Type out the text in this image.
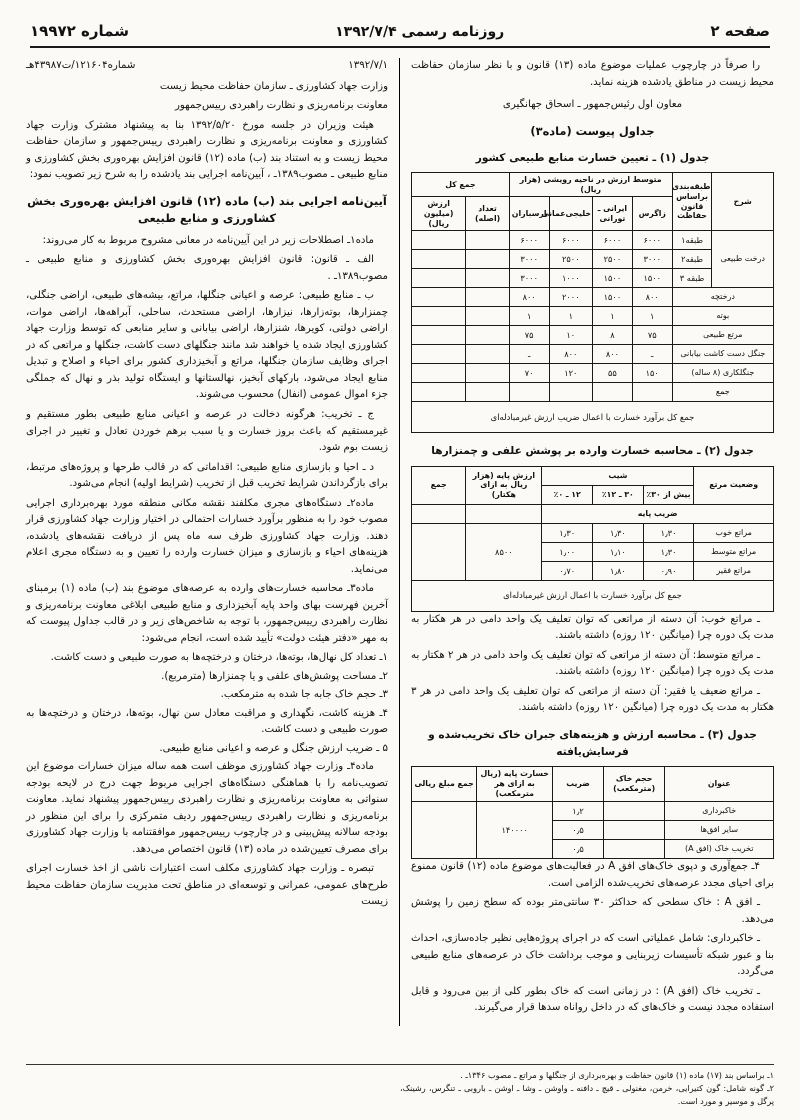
شماره ۱۹۹۷۲	روزنامه رسمی ۱۳۹۲/۷/۴	صفحه ۲

را صرفاً در چارچوب عملیات موضوع ماده (۱۳) قانون و با نظر سازمان حفاظت محیط زیست در مناطق یادشده هزینه نماید.

معاون اول رئیس‌جمهور ـ اسحاق جهانگیری

جداول پیوست (ماده۳)
جدول (۱) ـ تعیین خسارت منابع طبیعی کشور
شرح	طبقه‌بندی براساس قانون حفاظت	متوسط ارزش در ناحیه رویشی (هزار ریال)				جمع کل	
		زاگرس	ایرانی ـ تورانی	خلیجی‌عمانی	ارسباران	تعداد (اصله)	ارزش (میلیون ریال)
درخت طبیعی	طبقه۱	۶۰۰۰	۶۰۰۰	۶۰۰۰	۶۰۰۰		
	طبقه۲	۳۰۰۰	۲۵۰۰	۲۵۰۰	۳۰۰۰		
	طبقه ۳	۱۵۰۰	۱۵۰۰	۱۰۰۰	۳۰۰۰		
درختچه		۸۰۰	۱۵۰۰	۲۰۰۰	۸۰۰		
بوته		۱	۱	۱	۱		
مرتع طبیعی		۷۵	۸	۱۰	۷۵		
جنگل دست کاشت بیابانی		ـ	۸۰۰	۸۰۰	ـ		
جنگلکاری (۸ ساله)		۱۵۰	۵۵	۱۲۰	۷۰		
جمع							
جمع کل برآورد خسارت با اعمال ضریب ارزش غیرمبادله‌ای							
جدول (۲) ـ محاسبه خسارت وارده بر پوشش علفی و چمنزارها
وضعیت مرتع	شیب			ارزش پایه (هزار ریال به ازای هکتار)	جمع
	بیش از ۳۰٪	۳۰ ـ ۱۲٪	۱۲ ـ ۰٪		
ضریب پایه					
مراتع خوب	۱٫۳۰	۱٫۳۰	۱٫۳۰	۸۵۰۰	
مراتع متوسط	۱٫۳۰	۱٫۱۰	۱٫۰۰		
مراتع فقیر	۰٫۹۰	۱٫۸۰	۰٫۷۰		
جمع کل برآورد خسارت با اعمال ارزش غیرمبادله‌ای					

ـ مراتع خوب: آن دسته از مراتعی که توان تعلیف یک واحد دامی در هر هکتار به مدت یک دوره چرا (میانگین ۱۲۰ روزه) داشته باشند.

ـ مراتع متوسط: آن دسته از مراتعی که توان تعلیف یک واحد دامی در هر ۲ هکتار به مدت یک دوره چرا (میانگین ۱۲۰ روزه) داشته باشند.

ـ مراتع ضعیف یا فقیر: آن دسته از مراتعی که توان تعلیف یک واحد دامی در هر ۳ هکتار به مدت یک دوره چرا (میانگین ۱۲۰ روزه) داشته باشند.

جدول (۳) ـ محاسبه ارزش و هزینه‌های جبران خاک تخریب‌شده و فرسایش‌یافته
عنوان	حجم خاک (مترمکعب)	ضریب	خسارت پایه (ریال به ازای هر مترمکعب)	جمع مبلغ ریالی
خاکبرداری		۱٫۲	۱۴۰۰۰۰	
سایر افق‌ها		۰٫۵		
تخریب خاک (افق A)		۰٫۵		

۴ـ جمع‌آوری و دپوی خاک‌های افق A در فعالیت‌های موضوع ماده (۱۲) قانون ممنوع برای احیای مجدد عرصه‌های تخریب‌شده الزامی است.

ـ افق A : خاک سطحی که حداکثر ۳۰ سانتی‌متر بوده که سطح زمین را پوشش می‌دهد.

ـ خاکبرداری: شامل عملیاتی است که در اجرای پروژه‌هایی نظیر جاده‌سازی، احداث بنا و عبور شبکه تأسیسات زیربنایی و موجب برداشت خاک در عرصه‌های منابع طبیعی می‌گردد.

ـ تخریب خاک (افق A) : در زمانی است که خاک بطور کلی از بین می‌رود و قابل استفاده مجدد نیست و خاک‌های که در داخل رواناه سدها قرار می‌گیرند.

شماره۱۲۱۶۰۴/ت۴۳۹۸۷هـ	۱۳۹۲/۷/۱

وزارت جهاد کشاورزی ـ سازمان حفاظت محیط زیست

معاونت برنامه‌ریزی و نظارت راهبردی رییس‌جمهور

هیئت وزیران در جلسه مورخ ۱۳۹۲/۵/۲۰ بنا به پیشنهاد مشترک وزارت جهاد کشاورزی و معاونت برنامه‌ریزی و نظارت راهبردی رییس‌جمهور و سازمان حفاظت محیط زیست و به استناد بند (ب) ماده (۱۲) قانون افزایش بهره‌وری بخش کشاورزی و منابع طبیعی ـ مصوب۱۳۸۹ـ ، آیین‌نامه اجرایی بند یادشده را به شرح زیر تصویب نمود:

آیین‌نامه اجرایی بند (ب) ماده (۱۲) قانون افزایش بهره‌وری بخش کشاورزی و منابع طبیعی

ماده۱ـ اصطلاحات زیر در این آیین‌نامه در معانی مشروح مربوط به کار می‌روند:

الف ـ قانون: قانون افزایش بهره‌وری بخش کشاورزی و منابع طبیعی ـ مصوب۱۳۸۹ـ .

ب ـ منابع طبیعی: عرصه و اعیانی جنگلها، مراتع، بیشه‌های طبیعی، اراضی جنگلی، چمنزارها، بوته‌زارها، نیزارها، اراضی مستحدث، ساحلی، آبراهه‌ها، اراضی موات، اراضی دولتی، کویرها، شنزارها، اراضی بیابانی و سایر منابعی که توسط وزارت جهاد کشاورزی ایجاد شده یا خواهند شد مانند جنگلهای دست کاشت، جنگلها و مراتعی که در اجرای وظایف سازمان جنگلها، مراتع و آبخیزداری کشور برای احیاء و اصلاح و تبدیل منابع ایجاد می‌شود، بارکهای آبخیز، نهالستانها و ایستگاه تولید بذر و نهال که جملگی جزء اموال عمومی (انفال) محسوب می‌شوند.

ج ـ تخریب: هرگونه دخالت در عرصه و اعیانی منابع طبیعی بطور مستقیم و غیرمستقیم که باعث بروز خسارت و یا سبب برهم خوردن تعادل و تغییر در اجرای زیست بوم شود.

د ـ احیا و بازسازی منابع طبیعی: اقداماتی که در قالب طرحها و پروژه‌های مرتبط، برای بازگرداندن شرایط تخریب قبل از تخریب (شرایط اولیه) انجام می‌شود.

ماده۲ـ دستگاه‌های مجری مکلفند نقشه مکانی منطقه مورد بهره‌برداری اجرایی مصوب خود را به منظور برآورد خسارات احتمالی در اختیار وزارت جهاد کشاورزی قرار دهند. وزارت جهاد کشاورزی ظرف سه ماه پس از دریافت نقشه‌های یادشده، هزینه‌های احیاء و بازسازی و میزان خسارت وارده را تعیین و به دستگاه مجری اعلام می‌نماید.

ماده۳ـ محاسبه خسارت‌های وارده به عرصه‌های موضوع بند (ب) ماده (۱) برمبنای آخرین فهرست بهای واحد پایه آبخیزداری و منابع طبیعی ابلاغی معاونت برنامه‌ریزی و نظارت راهبردی رییس‌جمهور، با توجه به شاخص‌های زیر و در قالب جداول پیوست که به مهر «دفتر هیئت دولت» تأیید شده است، انجام می‌شود:

۱ـ تعداد کل نهال‌ها، بوته‌ها، درختان و درختچه‌ها به صورت طبیعی و دست کاشت.

۲ـ مساحت پوشش‌های علفی و یا چمنزارها (مترمربع).

۳ـ حجم خاک جابه جا شده به مترمکعب.

۴ـ هزینه کاشت، نگهداری و مراقبت معادل سن نهال، بوته‌ها، درختان و درختچه‌ها به صورت طبیعی و دست کاشت.

۵ ـ ضریب ارزش جنگل و عرصه و اعیانی منابع طبیعی.

ماده۴ـ وزارت جهاد کشاورزی موظف است همه ساله میزان خسارات موضوع این تصویب‌نامه را با هماهنگی دستگاه‌های اجرایی مربوط جهت درج در لایحه بودجه سنواتی به معاونت برنامه‌ریزی و نظارت راهبردی رییس‌جمهور پیشنهاد نماید. معاونت برنامه‌ریزی و نظارت راهبردی رییس‌جمهور ردیف متمرکزی را برای این منظور در بودجه سالانه پیش‌بینی و در چارچوب رییس‌جمهور موافقتنامه با وزارت جهاد کشاورزی برای مصرف تعیین‌شده در ماده (۱۳) قانون اختصاص می‌دهد.

تبصره ـ وزارت جهاد کشاورزی مکلف است اعتبارات ناشی از اخذ خسارت اجرای طرح‌های عمومی، عمرانی و توسعه‌ای در مناطق تحت مدیریت سازمان حفاظت محیط زیست

۱ـ براساس بند (۱۷) ماده (۱) قانون حفاظت و بهره‌برداری از جنگلها و مراتع ـ مصوب ۱۳۴۶ـ .
۲ـ گونه شامل: گون کتیرایی، خرمن، مغنولی ـ قیچ ـ دافنه ـ واوشن ـ وشا ـ اوشن ـ باروبی ـ تنگرس، رشینک، پرگل و موسیر و مورد است.
